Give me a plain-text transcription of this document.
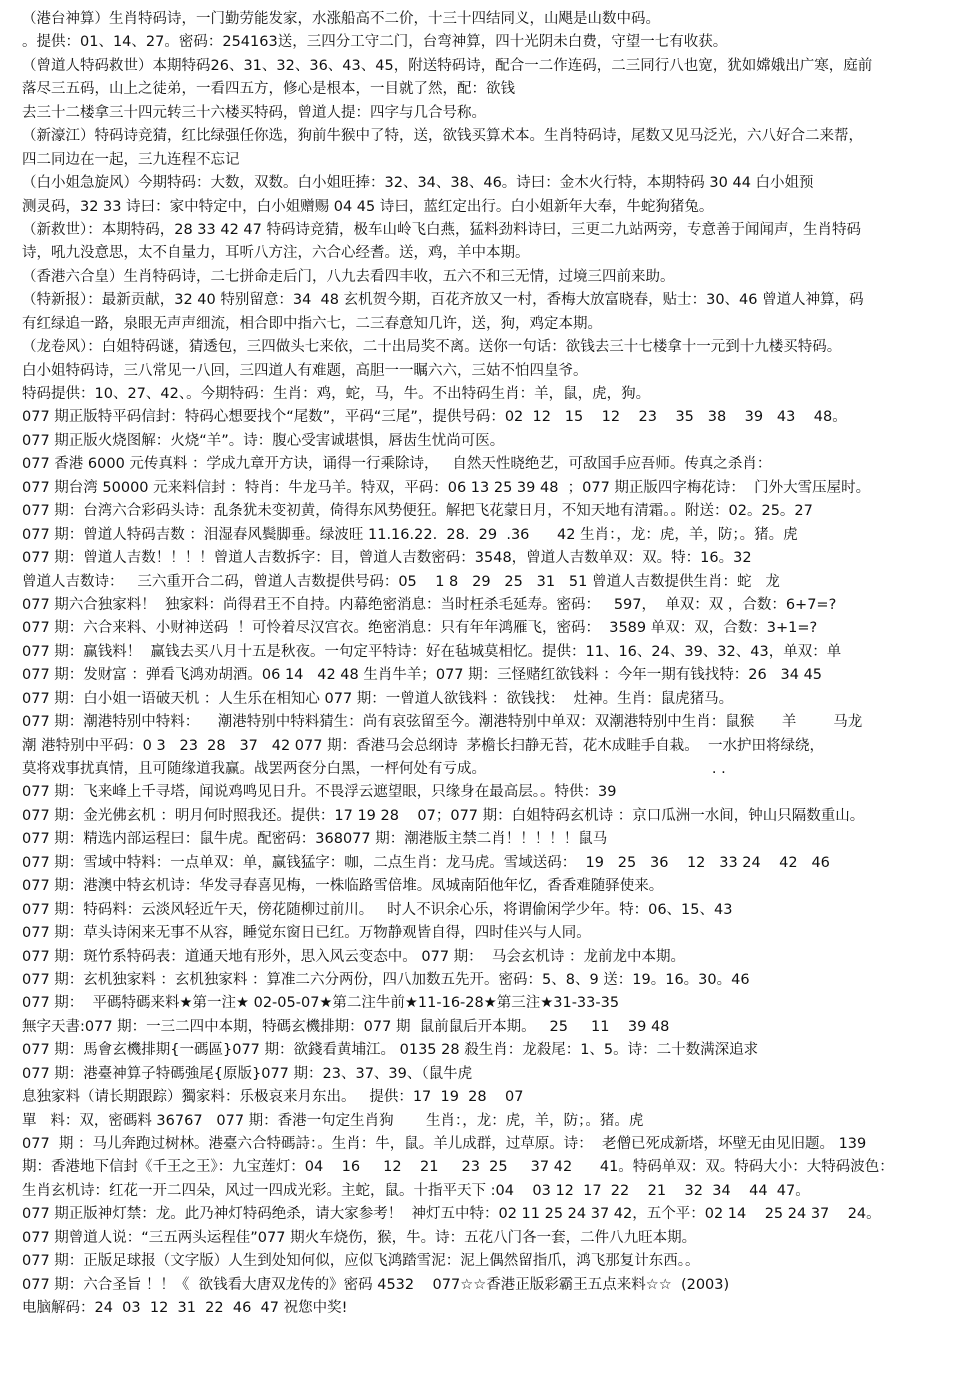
（港台神算）生肖特码诗，一门勤劳能发家，水涨船高不二价，十三十四结同义，山飓是山数中码。
。提供：01、14、27。密码：254163送，三四分工守二门，台弯神算，四十光阴未白费，守望一七有收获。
（曾道人特码救世）本期特码26、31、32、36、43、45，附送特码诗，配合一二作连码，二三同行八也宽，犹如嫦娥出广寒，庭前
落尽三五码，山上之徒弟，一看四五方，修心是根本，一目就了然，配：欲钱
去三十二楼拿三十四元转三十六楼买特码，曾道人提：四字与几合号称。
（新濠江）特码诗竞猜，红比绿强任你选，狗前牛猴中了特，送，欲钱买算术本。生肖特码诗，尾数又见马泛光，六八好合二来帮，
四二同边在一起，三九连程不忘记
（白小姐急旋风）今期特码：大数，双数。白小姐旺捧：32、34、38、46。诗曰：金木火行特，本期特码 30 44 白小姐预
测灵码，32 33 诗曰：家中特定中，白小姐赠赐 04 45 诗曰，蓝红定出行。白小姐新年大奉，牛蛇狗猪兔。
（新救世）：本期特码，28 33 42 47 特码诗竞猜，极车山岭飞白燕，猛料劲料诗曰，三更二九站两旁，专意善于闻闻声，生肖特码
诗，吼九没意思，太不自量力，耳听八方注，六合心经耆。送，鸡，羊中本期。
（香港六合皇）生肖特码诗，二七拼命走后门，八九去看四丰收，五六不和三无情，过境三四前来助。
（特新报）：最新贡献，32 40 特别留意：34  48 玄机贺今期，百花齐放又一村，香梅大放富晓春，贴士：30、46 曾道人神算，码
有红绿追一路，泉眼无声声细流，相合即中指六七，二三春意知几许，送，狗，鸡定本期。
（龙卷风）：白姐特码谜，猜透包，三四做头七来依，二十出局奖不离。送你一句话：欲钱去三十七楼拿十一元到十九楼买特码。
白小姐特码诗，三八常见一八回，三四道人有难题，高胆一一瞩六六，三姑不怕四皇爷。
特码提供：10、27、42、。今期特码：生肖：鸡，蛇，马，牛。不出特码生肖：羊，鼠，虎，狗。
077 期正版特平码信封：特码心想要找个“尾数”，平码“三尾”，提供号码：02  12   15    12    23    35   38    39   43    48。
077 期正版火烧图解：火烧“羊”。诗：腹心受害诚堪惧，唇齿生忧尚可医。
077 香港 6000 元传真料 ：学成九章开方诀，诵得一行乘除诗，   自然天性晓绝艺，可敌国手应吾师。传真之杀肖：
077 期台湾 50000 元来料信封 ：特肖：牛龙马羊。特双，平码：06 13 25 39 48  ；077 期正版四字梅花诗：  门外大雪压屋时。
077 期：台湾六合彩码头诗：乱条犹未变初黄，倚得东风势便狂。解把飞花蒙日月，不知天地有清霜。。附送：02。25。27
077 期：曾道人特码吉数 ：泪湿春风鬓脚垂。绿波旺 11.16.22.  28.  29  .36      42 生肖：，龙：虎，羊，防；。猪。虎
077 期：曾道人吉数！！！！曾道人吉数拆字：目，曾道人吉数密码：3548，曾道人吉数单双：双。特：16。32
曾道人吉数诗：   三六重开合二码，曾道人吉数提供号码：05    1 8   29   25   31   51 曾道人吉数提供生肖：蛇   龙
077 期六合独家料！  独家料：尚得君王不自持。内幕绝密消息：当时枉杀毛延寿。密码：   597，  单双：双 ，合数：6+7=?
077 期：六合来料、小财神送码  ！可怜着尽汉宫衣。绝密消息：只有年年鸿雁飞，密码：  3589 单双：双，合数：3+1=?
077 期：赢钱料！  赢钱去买八月十五是秋夜。一句定平特诗：好在毡城莫相忆。提供：11、16、24、39、32、43，单双：单
077 期：发财富 ：弹看飞鸿劝胡酒。06 14   42 48 生肖牛羊；077 期：三怪赌红欲钱料 ：今年一期有钱找特：26   34 45
077 期：白小姐一语破天机 ：人生乐在相知心 077 期：一曾道人欲钱料 ：欲钱找：  灶神。生肖：鼠虎猪马。
077 期：潮港特别中特料：    潮港特别中特料猜生：尚有哀弦留至今。潮港特别中单双：双潮港特别中生肖：鼠猴      羊        马龙
潮 港特别中平码：0 3   23  28   37   42 077 期：香港马会总纲诗  茅檐长扫静无苔，花木成畦手自栽。  一水护田将绿绕，
莫将戏事扰真情，且可随缘道我赢。战罢两奁分白黑，一枰何处有亏成。                                                 . .
077 期：飞来峰上千寻塔，闻说鸡鸣见日升。不畏浮云遮望眼，只缘身在最高层。。特供：39
077 期：金光佛玄机 ：明月何时照我还。提供：17 19 28    07；077 期：白姐特码玄机诗 ：京口瓜洲一水间，钟山只隔数重山。
077 期：精选内部运程曰：鼠牛虎。配密码：368077 期：潮港版主禁二肖！！！！！鼠马
077 期：雪域中特料：一点单双：单，赢钱猛字：咖，二点生肖：龙马虎。雪域送码：  19   25   36    12   33 24    42   46
077 期：港澳中特玄机诗：华发寻春喜见梅，一株临路雪倍堆。凤城南陌他年忆，香香难随驿使来。
077 期：特码料：云淡风轻近午天，傍花随柳过前川。   时人不识余心乐，将谓偷闲学少年。特：06、15、43
077 期：草头诗闲来无事不从容，睡觉东窗日已红。万物静观皆自得，四时佳兴与人同。
077 期：斑竹系特码表：道通天地有形外，思入风云变态中。 077 期：  马会玄机诗 ：龙前龙中本期。
077 期：玄机独家料 ：玄机独家料 ：算准二六分两份，四八加数五先开。密码：5、8、9 送：19。16。30。46
077 期：  平碼特碼来料★第一注★ 02-05-07★第二注牛前★11-16-28★第三注★31-33-35
無字天書:077 期：一三二四中本期，特碼玄機排期：077 期  鼠前鼠后开本期。   25     11    39 48
077 期：馬會玄機排期{一碼區}077 期：欲錢看黄埔江。 0135 28 殺生肖：龙殺尾：1、5。诗：二十数满深追求
077 期：港臺神算子特碼強尾{原版}077 期：23、37、39、（鼠牛虎
息独家料（请长期跟踪）獨家料：乐极哀来月东出。   提供：17  19  28    07
單   料：双，密碼料 36767   077 期：香港一句定生肖狗       生肖：，龙：虎，羊，防；。猪。虎
077  期 ：马儿奔跑过树林。港臺六合特碼詩：。生肖：牛，鼠。羊儿成群，过草原。诗：  老僧已死成新塔，坏壁无由见旧题。 139
期：香港地下信封《千王之王》：九宝莲灯：04    16     12    21     23  25     37 42      41。特码单双：双。特码大小：大特码波色：
生肖玄机诗：红花一开二四朵，风过一四成光彩。主蛇，鼠。十指平天下 :04    03 12  17  22    21    32  34    44  47。
077 期正版神灯禁：龙。此乃神灯特码绝杀，请大家参考！  神灯五中特：02 11 25 24 37 42，五个平：02 14    25 24 37    24。
077 期曾道人说：“三五两头运程佳”077 期火车烧伤，猴，牛。诗：五花八门各一套，二件八九旺本期。
077 期：正版足球报（文字版）人生到处知何似，应似飞鸿踏雪泥：泥上偶然留指爪，鸿飞那复计东西。。
077 期：六合圣旨 ！！《  欲钱看大唐双龙传的》密码 4532    077☆☆香港正版彩霸王五点来料☆☆  (2003)
电脑解码：24  03  12  31  22  46  47 祝您中奖!
